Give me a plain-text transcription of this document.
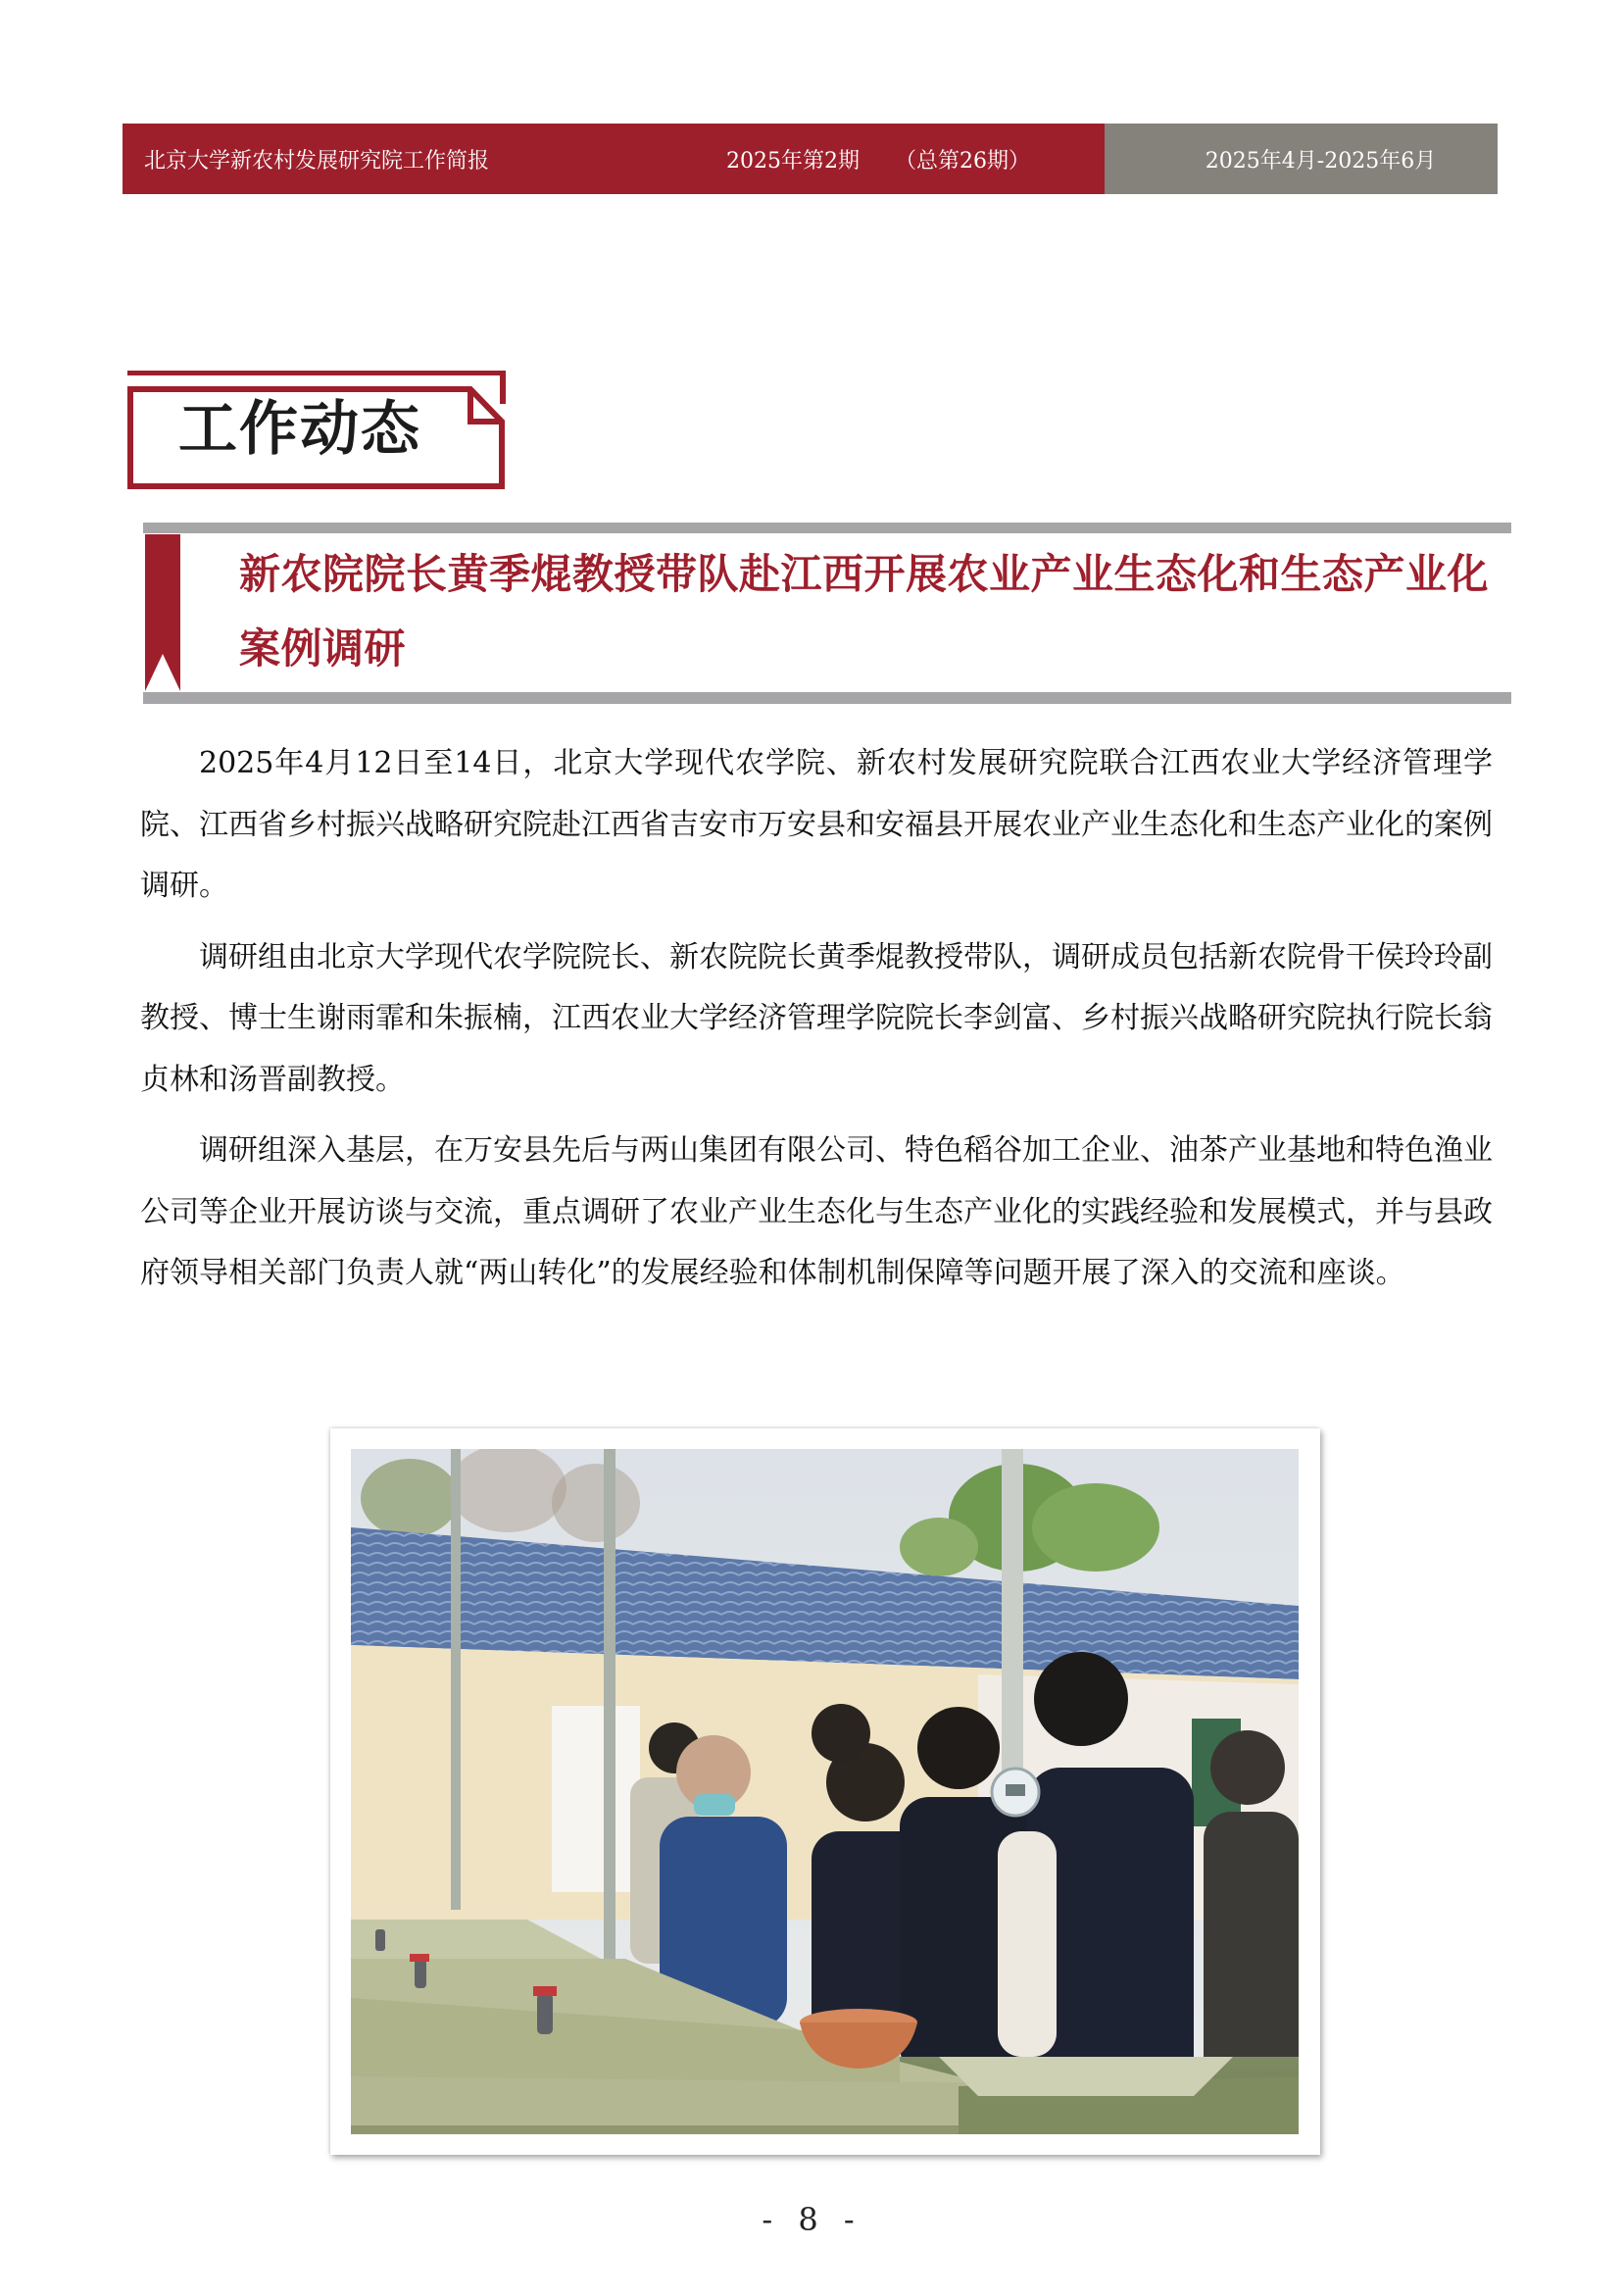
北京大学新农村发展研究院工作简报	2025年第2期 （总第26期）	2025年4月-2025年6月
工作动态
新农院院长黄季焜教授带队赴江西开展农业产业生态化和生态产业化案例调研

2025年4月12日至14日，北京大学现代农学院、新农村发展研究院联合江西农业大学经济管理学院、江西省乡村振兴战略研究院赴江西省吉安市万安县和安福县开展农业产业生态化和生态产业化的案例调研。

调研组由北京大学现代农学院院长、新农院院长黄季焜教授带队，调研成员包括新农院骨干侯玲玲副教授、博士生谢雨霏和朱振楠，江西农业大学经济管理学院院长李剑富、乡村振兴战略研究院执行院长翁贞林和汤晋副教授。

调研组深入基层，在万安县先后与两山集团有限公司、特色稻谷加工企业、油茶产业基地和特色渔业公司等企业开展访谈与交流，重点调研了农业产业生态化与生态产业化的实践经验和发展模式，并与县政府领导相关部门负责人就“两山转化”的发展经验和体制机制保障等问题开展了深入的交流和座谈。

- 8 -
